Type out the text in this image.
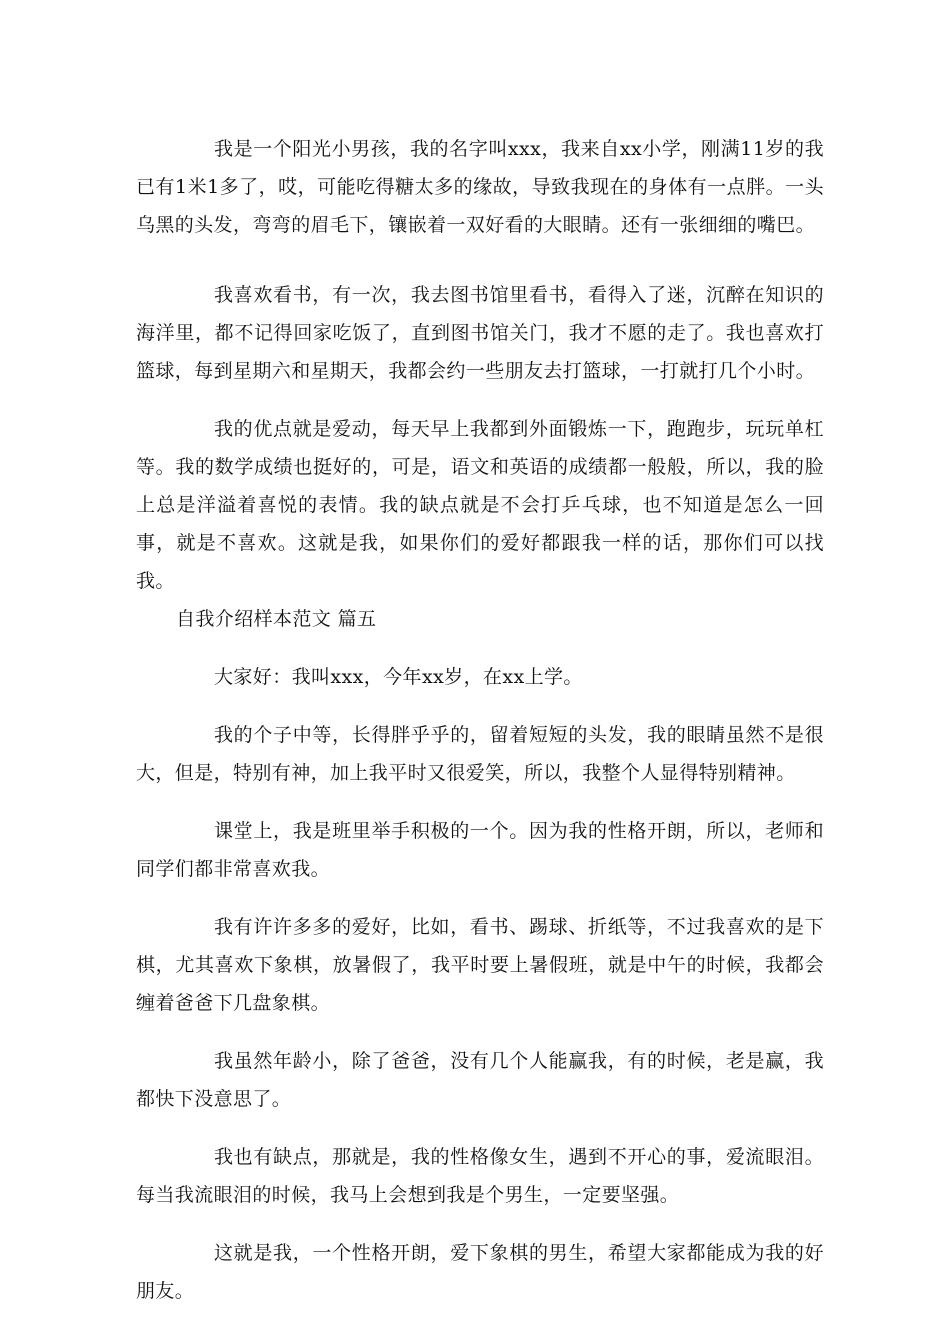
我是一个阳光小男孩，我的名字叫xxx，我来自xx小学，刚满11岁的我已有1米1多了，哎，可能吃得糖太多的缘故，导致我现在的身体有一点胖。一头乌黑的头发，弯弯的眉毛下，镶嵌着一双好看的大眼睛。还有一张细细的嘴巴。

我喜欢看书，有一次，我去图书馆里看书，看得入了迷，沉醉在知识的海洋里，都不记得回家吃饭了，直到图书馆关门，我才不愿的走了。我也喜欢打篮球，每到星期六和星期天，我都会约一些朋友去打篮球，一打就打几个小时。

我的优点就是爱动，每天早上我都到外面锻炼一下，跑跑步，玩玩单杠等。我的数学成绩也挺好的，可是，语文和英语的成绩都一般般，所以，我的脸上总是洋溢着喜悦的表情。我的缺点就是不会打乒乓球，也不知道是怎么一回事，就是不喜欢。这就是我，如果你们的爱好都跟我一样的话，那你们可以找我。

自我介绍样本范文 篇五

大家好：我叫xxx，今年xx岁，在xx上学。

我的个子中等，长得胖乎乎的，留着短短的头发，我的眼睛虽然不是很大，但是，特别有神，加上我平时又很爱笑，所以，我整个人显得特别精神。

课堂上，我是班里举手积极的一个。因为我的性格开朗，所以，老师和同学们都非常喜欢我。

我有许许多多的爱好，比如，看书、踢球、折纸等，不过我喜欢的是下棋，尤其喜欢下象棋，放暑假了，我平时要上暑假班，就是中午的时候，我都会缠着爸爸下几盘象棋。

我虽然年龄小，除了爸爸，没有几个人能赢我，有的时候，老是赢，我都快下没意思了。

我也有缺点，那就是，我的性格像女生，遇到不开心的事，爱流眼泪。每当我流眼泪的时候，我马上会想到我是个男生，一定要坚强。

这就是我，一个性格开朗，爱下象棋的男生，希望大家都能成为我的好朋友。
